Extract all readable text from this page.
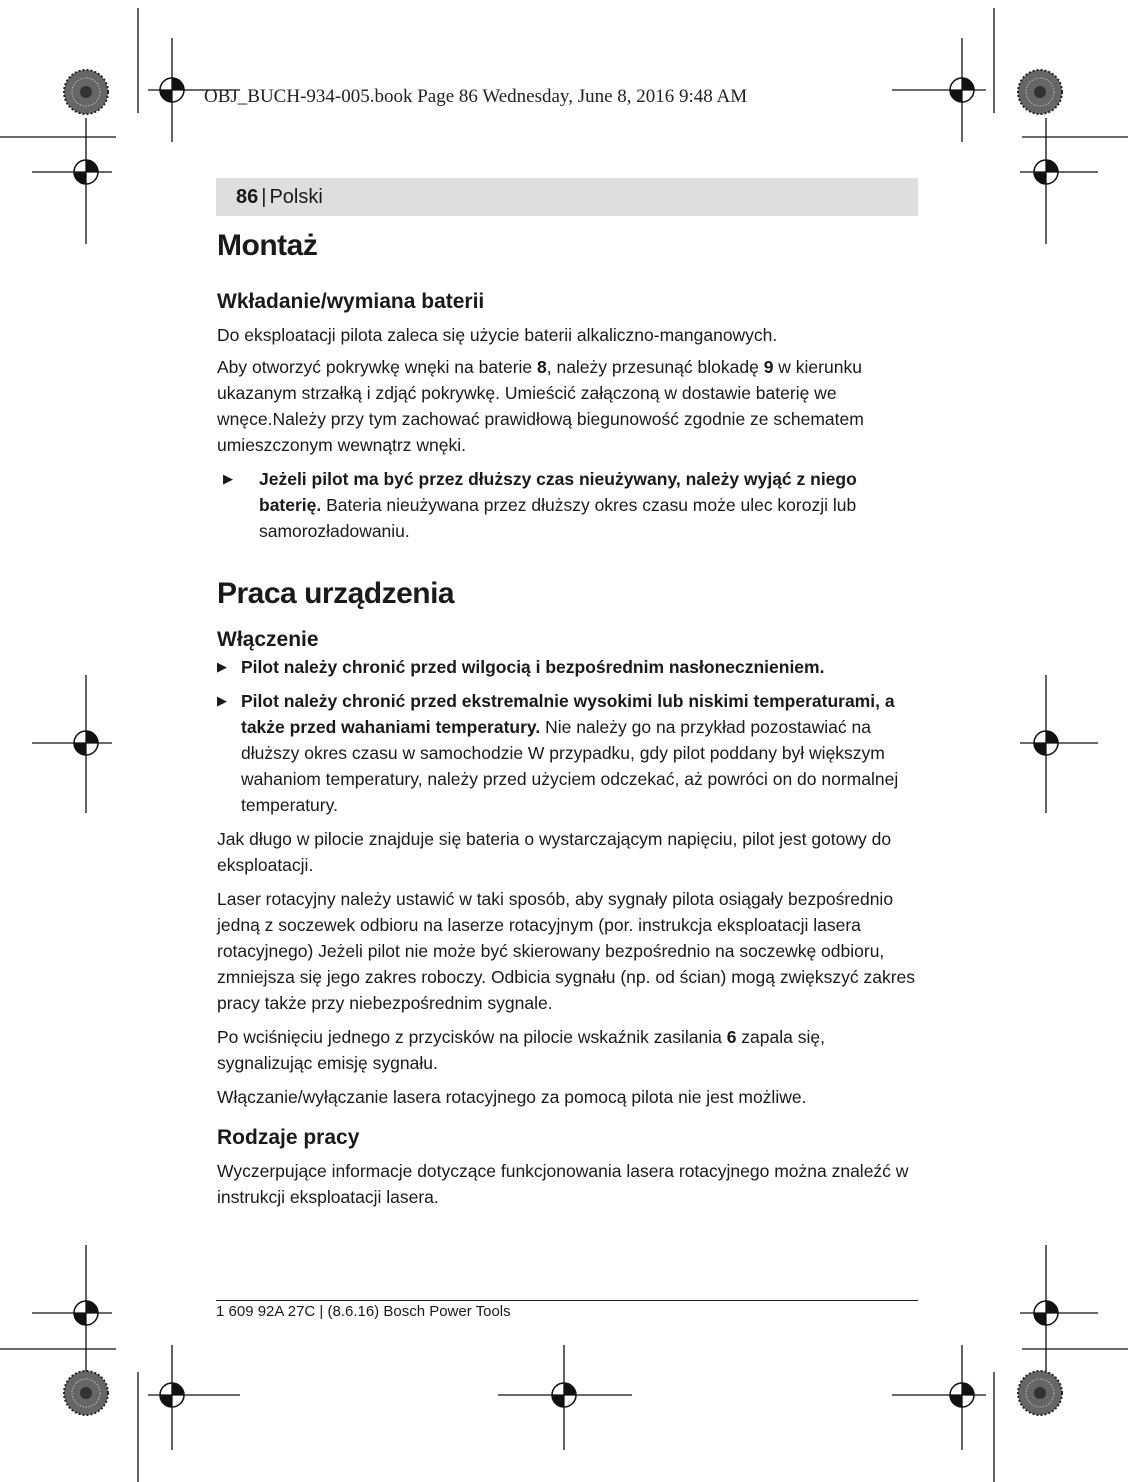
OBJ_BUCH-934-005.book Page 86 Wednesday, June 8, 2016 9:48 AM
86 | Polski
Montaż
Wkładanie/wymiana baterii

Do eksploatacji pilota zaleca się użycie baterii alkaliczno-manganowych.

Aby otworzyć pokrywkę wnęki na baterie 8, należy przesunąć blokadę 9 w kierunku ukazanym strzałką i zdjąć pokrywkę. Umieścić załączoną w dostawie baterię we wnęce.Należy przy tym zachować prawidłową biegunowość zgodnie ze schematem umieszczonym wewnątrz wnęki.

▶ Jeżeli pilot ma być przez dłuższy czas nieużywany, należy wyjąć z niego baterię. Bateria nieużywana przez dłuższy okres czasu może ulec korozji lub samorozładowaniu.
Praca urządzenia
Włączenie
▶ Pilot należy chronić przed wilgocią i bezpośrednim nasłonecznieniem.
▶ Pilot należy chronić przed ekstremalnie wysokimi lub niskimi temperaturami, a także przed wahaniami temperatury. Nie należy go na przykład pozostawiać na dłuższy okres czasu w samochodzie W przypadku, gdy pilot poddany był większym wahaniom temperatury, należy przed użyciem odczekać, aż powróci on do normalnej temperatury.

Jak długo w pilocie znajduje się bateria o wystarczającym napięciu, pilot jest gotowy do eksploatacji.

Laser rotacyjny należy ustawić w taki sposób, aby sygnały pilota osiągały bezpośrednio jedną z soczewek odbioru na laserze rotacyjnym (por. instrukcja eksploatacji lasera rotacyjnego) Jeżeli pilot nie może być skierowany bezpośrednio na soczewkę odbioru, zmniejsza się jego zakres roboczy. Odbicia sygnału (np. od ścian) mogą zwiększyć zakres pracy także przy niebezpośrednim sygnale.

Po wciśnięciu jednego z przycisków na pilocie wskaźnik zasilania 6 zapala się, sygnalizując emisję sygnału.

Włączanie/wyłączanie lasera rotacyjnego za pomocą pilota nie jest możliwe.

Rodzaje pracy

Wyczerpujące informacje dotyczące funkcjonowania lasera rotacyjnego można znaleźć w instrukcji eksploatacji lasera.

1 609 92A 27C | (8.6.16) Bosch Power Tools
